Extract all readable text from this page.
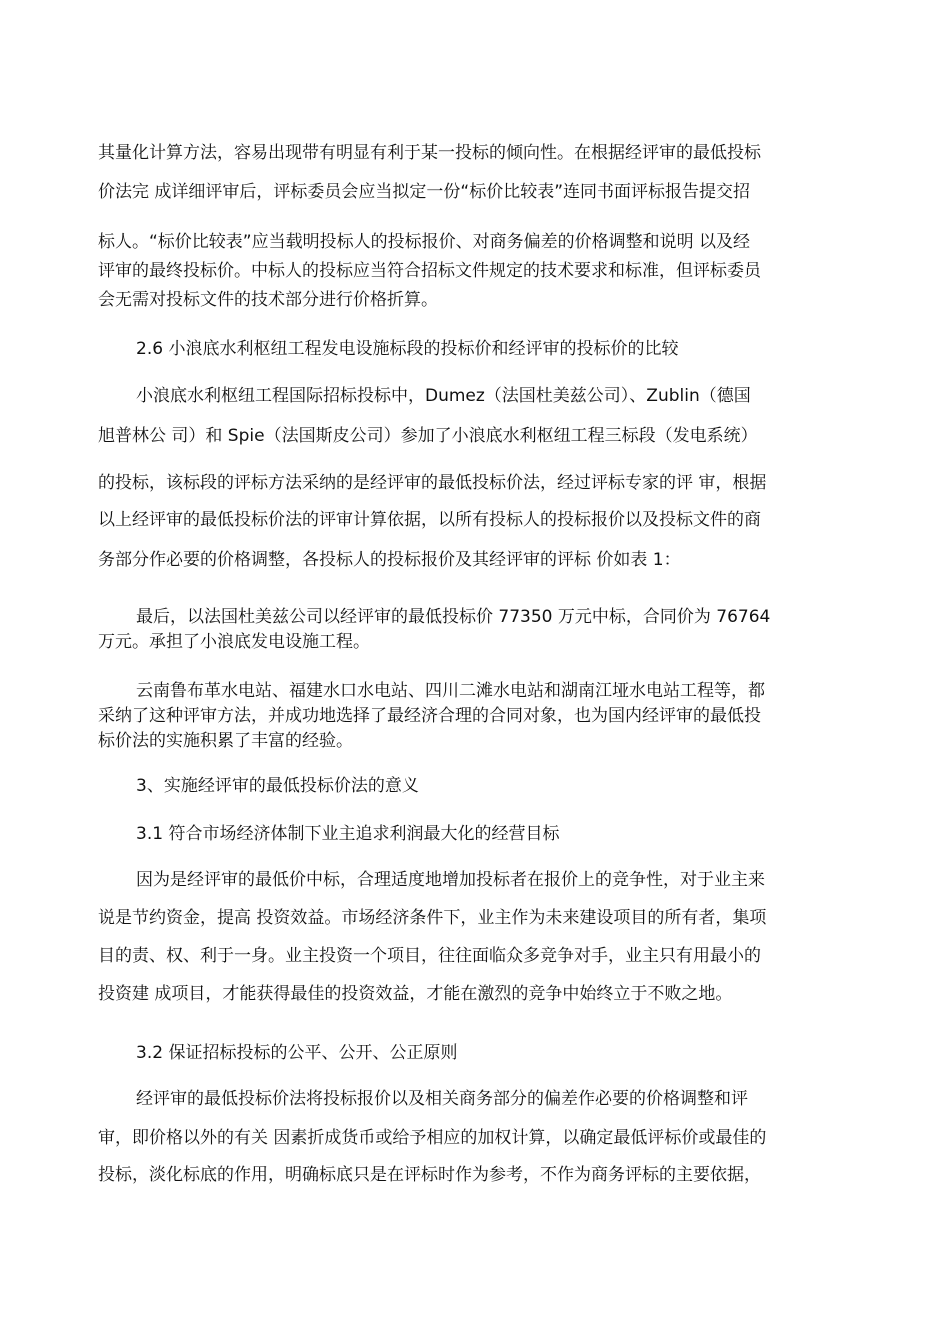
其量化计算方法，容易出现带有明显有利于某一投标的倾向性。在根据经评审的最低投标
价法完 成详细评审后，评标委员会应当拟定一份“标价比较表”连同书面评标报告提交招
标人。“标价比较表”应当载明投标人的投标报价、对商务偏差的价格调整和说明 以及经
评审的最终投标价。中标人的投标应当符合招标文件规定的技术要求和标准，但评标委员
会无需对投标文件的技术部分进行价格折算。
2.6 小浪底水利枢纽工程发电设施标段的投标价和经评审的投标价的比较
小浪底水利枢纽工程国际招标投标中，Dumez（法国杜美兹公司）、Zublin（德国
旭普林公 司）和 Spie（法国斯皮公司）参加了小浪底水利枢纽工程三标段（发电系统）
的投标，该标段的评标方法采纳的是经评审的最低投标价法，经过评标专家的评 审，根据
以上经评审的最低投标价法的评审计算依据，以所有投标人的投标报价以及投标文件的商
务部分作必要的价格调整，各投标人的投标报价及其经评审的评标 价如表 1：
最后，以法国杜美兹公司以经评审的最低投标价 77350 万元中标，合同价为 76764
万元。承担了小浪底发电设施工程。
云南鲁布革水电站、福建水口水电站、四川二滩水电站和湖南江垭水电站工程等，都
采纳了这种评审方法，并成功地选择了最经济合理的合同对象，也为国内经评审的最低投
标价法的实施积累了丰富的经验。
3、实施经评审的最低投标价法的意义
3.1 符合市场经济体制下业主追求利润最大化的经营目标
因为是经评审的最低价中标，合理适度地增加投标者在报价上的竞争性，对于业主来
说是节约资金，提高 投资效益。市场经济条件下，业主作为未来建设项目的所有者，集项
目的责、权、利于一身。业主投资一个项目，往往面临众多竞争对手，业主只有用最小的
投资建 成项目，才能获得最佳的投资效益，才能在激烈的竞争中始终立于不败之地。
3.2 保证招标投标的公平、公开、公正原则
经评审的最低投标价法将投标报价以及相关商务部分的偏差作必要的价格调整和评
审，即价格以外的有关 因素折成货币或给予相应的加权计算，以确定最低评标价或最佳的
投标，淡化标底的作用，明确标底只是在评标时作为参考，不作为商务评标的主要依据，
